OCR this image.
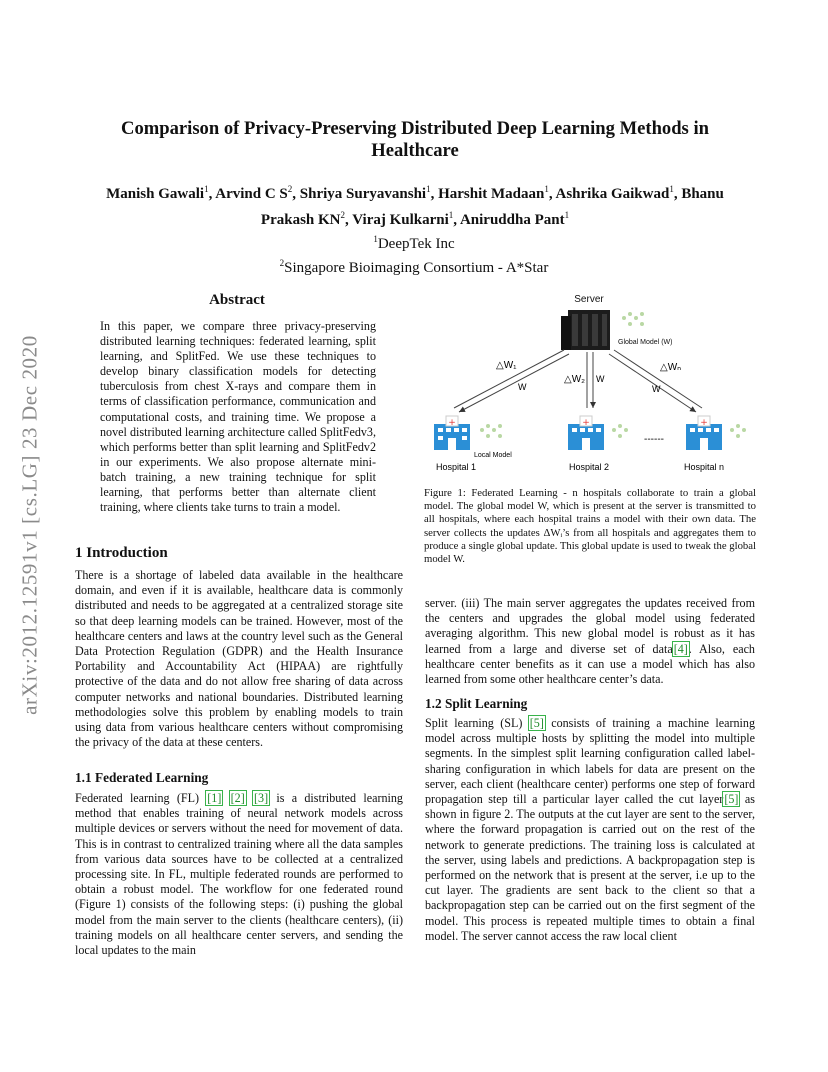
arXiv:2012.12591v1 [cs.LG] 23 Dec 2020
Comparison of Privacy-Preserving Distributed Deep Learning Methods in Healthcare
Manish Gawali$^1$, Arvind C $S^2$, Shriya Suryavanshi$^1$, Harshit Madaan$^1$, Ashrika Gaikwad$^1$, Bhanu
Prakash $KN^2$, Viraj Kulkarni$^1$, Aniruddha Pant$^1$
$^1$DeepTek Inc
$^2$Singapore Bioimaging Consortium - A*Star
Abstract
In this paper, we compare three privacy-preserving distributed learning techniques: federated learning, split learning, and SplitFed. We use these techniques to develop binary classification models for detecting tuberculosis from chest X-rays and compare them in terms of classification performance, communication and computational costs, and training time. We propose a novel distributed learning architecture called SplitFedv3, which performs better than split learning and SplitFedv2 in our experiments. We also propose alternate mini-batch training, a new training technique for split learning, that performs better than alternate client training, where clients take turns to train a model.
1 Introduction
There is a shortage of labeled data available in the healthcare domain, and even if it is available, healthcare data is commonly distributed and needs to be aggregated at a centralized storage site so that deep learning models can be trained. However, most of the healthcare centers and laws at the country level such as the General Data Protection Regulation (GDPR) and the Health Insurance Portability and Accountability Act (HIPAA) are rightfully protective of the data and do not allow free sharing of data across computer networks and national boundaries. Distributed learning methodologies solve this problem by enabling models to train using data from various healthcare centers without compromising the privacy of the data at these centers.
1.1 Federated Learning
Federated learning (FL) [1] [2] [3] is a distributed learning method that enables training of neural network models across multiple devices or servers without the need for movement of data. This is in contrast to centralized training where all the data samples from various data sources have to be collected at a centralized processing site. In FL, multiple federated rounds are performed to obtain a robust model. The workflow for one federated round (Figure 1) consists of the following steps: (i) pushing the global model from the main server to the clients (healthcare centers), (ii) training models on all healthcare center servers, and sending the local updates to the main
Server
Global Model (W)
△W₁
W
△W₂ W
△Wₙ
W
+
Local Model
Hospital 1
+
Hospital 2
------
+
Hospital n
Figure 1: Federated Learning - n hospitals collaborate to train a global model. The global model W, which is present at the server is transmitted to all hospitals, where each hospital trains a model with their own data. The server collects the updates ΔWᵢ’s from all hospitals and aggregates them to produce a single global update. This global update is used to tweak the global model W.
server. (iii) The main server aggregates the updates received from the centers and upgrades the global model using federated averaging algorithm. This new global model is robust as it has learned from a large and diverse set of data[4]. Also, each healthcare center benefits as it can use a model which has also learned from some other healthcare center’s data.
1.2 Split Learning
Split learning (SL) [5] consists of training a machine learning model across multiple hosts by splitting the model into multiple segments. In the simplest split learning configuration called label-sharing configuration in which labels for data are present on the server, each client (healthcare center) performs one step of forward propagation step till a particular layer called the cut layer[5] as shown in figure 2. The outputs at the cut layer are sent to the server, where the forward propagation is carried out on the rest of the network to generate predictions. The training loss is calculated at the server, using labels and predictions. A backpropagation step is performed on the network that is present at the server, i.e up to the cut layer. The gradients are sent back to the client so that a backpropagation step can be carried out on the first segment of the model. This process is repeated multiple times to obtain a final model. The server cannot access the raw local client
